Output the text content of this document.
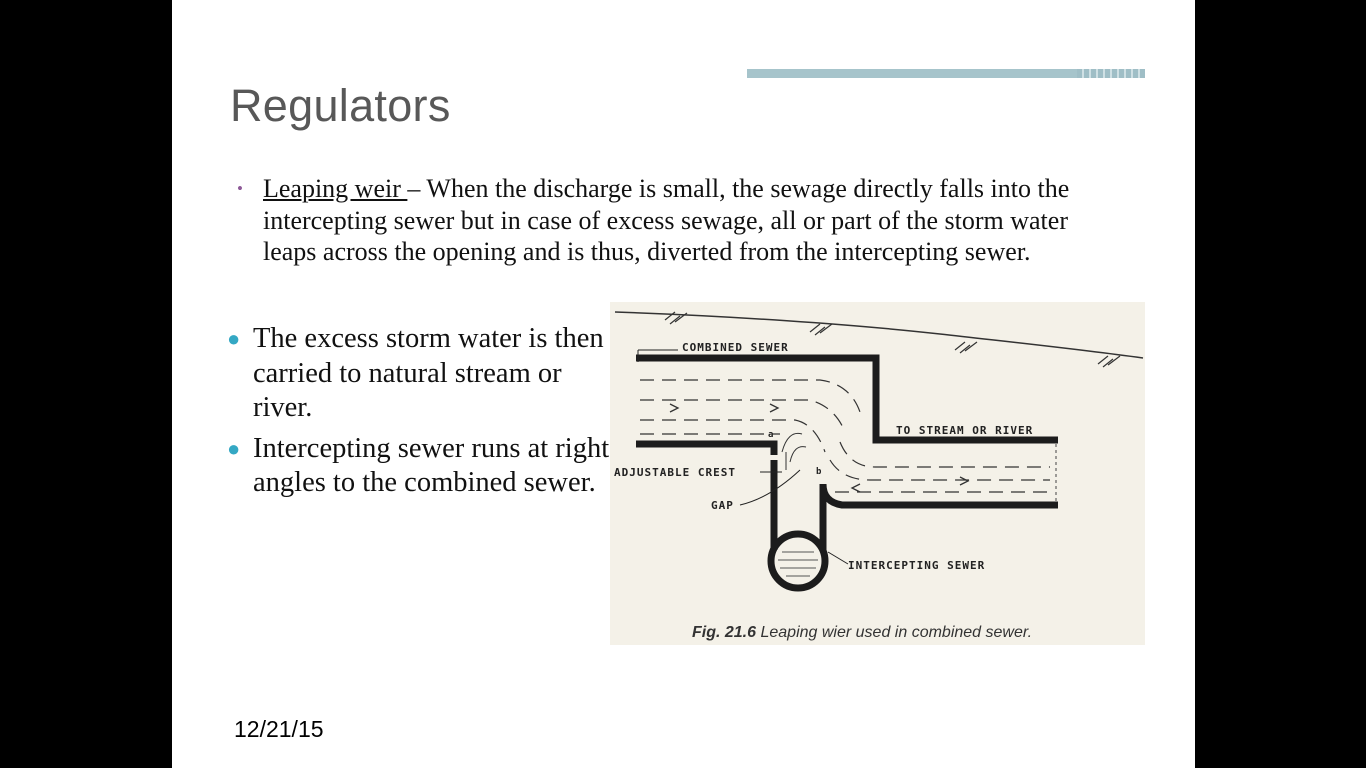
Regulators
• Leaping weir – When the discharge is small, the sewage directly falls into the intercepting sewer but in case of excess sewage, all or part of the storm water leaps across the opening and is thus, diverted from the intercepting sewer.
● The excess storm water is then carried to natural stream or river.
● Intercepting sewer runs at right angles to the combined sewer.
a
b
COMBINED SEWER
TO STREAM OR RIVER
ADJUSTABLE CREST
GAP
INTERCEPTING SEWER
Fig. 21.6 Leaping wier used in combined sewer.
12/21/15
